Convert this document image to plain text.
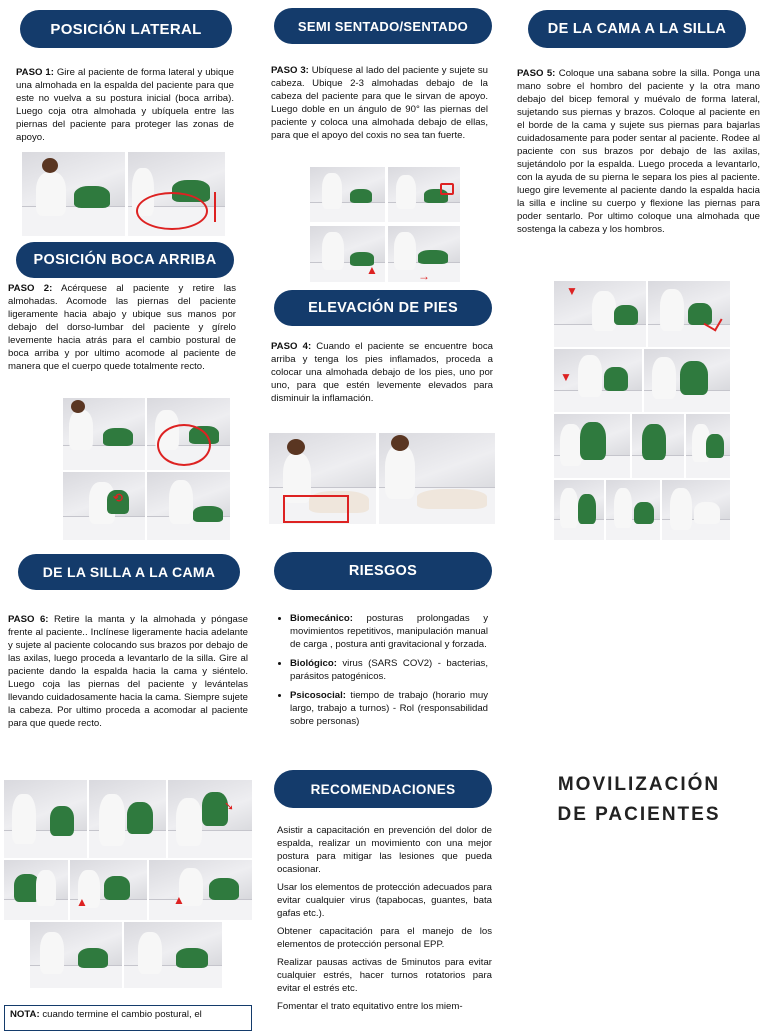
POSICIÓN LATERAL
PASO 1: Gire al paciente de forma lateral y ubique una almohada en la espalda del paciente para que este no vuelva a su postura inicial (boca arriba). Luego coja otra almohada y ubíquela entre las piernas del paciente para proteger las zonas de apoyo.
POSICIÓN BOCA ARRIBA
PASO 2: Acérquese al paciente y retire las almohadas. Acomode las piernas del paciente ligeramente hacia abajo y ubique sus manos por debajo del dorso-lumbar del paciente y gírelo levemente hacia atrás para el cambio postural de boca arriba y por ultimo acomode al paciente de manera que el cuerpo quede totalmente recto.
⟲
DE LA SILLA A LA CAMA
PASO 6: Retire la manta y la almohada y póngase frente al paciente.. Inclínese ligeramente hacia adelante y sujete al paciente colocando sus brazos por debajo de las axilas, luego proceda a levantarlo de la silla. Gire al paciente dando la espalda hacia la cama y siéntelo. Luego coja las piernas del paciente y levántelas llevando cuidadosamente hacia la cama. Siempre sujete la cabeza. Por ultimo proceda a acomodar al paciente para que quede recto.
➘
▲	▲
NOTA: cuando termine el cambio postural, el
SEMI SENTADO/SENTADO
PASO 3: Ubíquese al lado del paciente y sujete su cabeza. Ubique 2-3 almohadas debajo de la cabeza del paciente para que le sirvan de apoyo. Luego doble en un ángulo de 90° las piernas del paciente y coloca una almohada debajo de ellas, para que el apoyo del coxis no sea tan fuerte.
▲	→
ELEVACIÓN DE PIES
PASO 4: Cuando el paciente se encuentre boca arriba y tenga los pies inflamados, proceda a colocar una almohada debajo de los pies, uno por uno, para que estén levemente elevados para disminuir la inflamación.
RIESGOS
• Biomecánico: posturas prolongadas y movimientos repetitivos, manipulación manual de carga , postura anti gravitacional y forzada.
• Biológico: virus (SARS COV2) - bacterias, parásitos patogénicos.
• Psicosocial: tiempo de trabajo (horario muy largo, trabajo a turnos) - Rol (responsabilidad sobre personas)
RECOMENDACIONES

Asistir a capacitación en prevención del dolor de espalda, realizar un movimiento con una mejor postura para mitigar las lesiones que pueda ocasionar.

Usar los elementos de protección adecuados para evitar cualquier virus (tapabocas, guantes, bata gafas etc.).

Obtener capacitación para el manejo de los elementos de protección personal EPP.

Realizar pausas activas de 5minutos para evitar cualquier estrés, hacer turnos rotatorios para evitar el estrés etc.

Fomentar el trato equitativo entre los miem-

DE LA CAMA A LA SILLA
PASO 5: Coloque una sabana sobre la silla. Ponga una mano sobre el hombro del paciente y la otra mano debajo del bicep femoral y muévalo de forma lateral, sujetando sus piernas y brazos. Coloque al paciente en el borde de la cama y sujete sus piernas para bajarlas cuidadosamente para poder sentar al paciente. Rodee al paciente con sus brazos por debajo de las axilas, sujetándolo por la espalda. Luego proceda a levantarlo, con la ayuda de su pierna le separa los pies al paciente. luego gire levemente al paciente dando la espalda hacia la silla e incline su cuerpo y flexione las piernas para poder sentarlo. Por ultimo coloque una almohada que sostenga la cabeza y los hombros.
▼
▼
MOVILIZACIÓN
DE PACIENTES
